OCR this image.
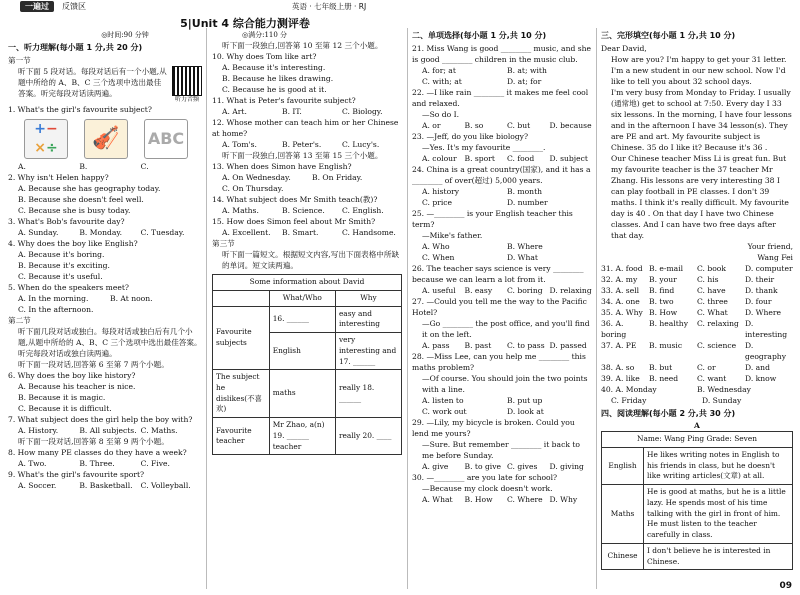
一遍过	反馈区	英语 · 七年级上册 · RJ
5|Unit 4 综合能力测评卷
◎时间:90 分钟
一、听力理解(每小题 1 分,共 20 分)
第一节
听下面 5 段对话。每段对话后有一个小题,从题中所给的 A、B、C 三个选项中选出最佳答案。听完每段对话读两遍。
听力音频
1. What's the girl's favourite subject?
+−
×÷	🎻	ABC
A.	B.	C.
2. Why isn't Helen happy?
A. Because she has geography today.
B. Because she doesn't feel well.
C. Because she is busy today.
3. What's Bob's favourite day?
A. Sunday.	B. Monday.	C. Tuesday.
4. Why does the boy like English?
A. Because it's boring.
B. Because it's exciting.
C. Because it's useful.
5. When do the speakers meet?
A. In the morning.	B. At noon.
C. In the afternoon.
第二节
听下面几段对话或独白。每段对话或独白后有几个小题,从题中所给的 A、B、C 三个选项中选出最佳答案。听完每段对话或独白读两遍。
听下面一段对话,回答第 6 至第 7 两个小题。
6. Why does the boy like history?
A. Because his teacher is nice.
B. Because it is magic.
C. Because it is difficult.
7. What subject does the girl help the boy with?
A. History.	B. All subjects. C. Maths.
听下面一段对话,回答第 8 至第 9 两个小题。
8. How many PE classes do they have a week?
A. Two.	B. Three.	C. Five.
9. What's the girl's favourite sport?
A. Soccer.	B. Basketball.	C. Volleyball.
◎满分:110 分
听下面一段独白,回答第 10 至第 12 三个小题。
10. Why does Tom like art?
A. Because it's interesting.
B. Because he likes drawing.
C. Because he is good at it.
11. What is Peter's favourite subject?
A. Art.	B. IT.	C. Biology.
12. Whose mother can teach him or her Chinese at home?
A. Tom's.	B. Peter's.	C. Lucy's.
听下面一段独白,回答第 13 至第 15 三个小题。
13. When does Simon have English?
A. On Wednesday.	B. On Friday.
C. On Thursday.
14. What subject does Mr Smith teach(教)?
A. Maths.	B. Science.	C. English.
15. How does Simon feel about Mr Smith?
A. Excellent.	B. Smart.	C. Handsome.
第三节
听下面一篇短文。根据短文内容,写出下面表格中所缺的单词。短文读两遍。
Some information about David		
	What/Who	Why
Favourite subjects	16. ______	easy and interesting
	English	very interesting and 17. ______
The subject he dislikes(不喜欢)	maths	really 18. ______
Favourite teacher	Mr Zhao, a(n) 19. ______ teacher	really 20. ____
二、单项选择(每小题 1 分,共 10 分)
21. Miss Wang is good ________ music, and she is good ________ children in the music club.
A. for; at	B. at; with
C. with; at	D. at; for
22. —I like rain ________ it makes me feel cool and relaxed.
—So do I.
A. or	B. so	C. but	D. because
23. —Jeff, do you like biology?
—Yes. It's my favourite ________.
A. colour	B. sport	C. food	D. subject
24. China is a great country(国家), and it has a ________ of over(超过) 5,000 years.
A. history	B. month
C. price	D. number
25. —________ is your English teacher this term?
—Mike's father.
A. Who	B. Where
C. When	D. What
26. The teacher says science is very ________ because we can learn a lot from it.
A. useful	B. easy	C. boring D. relaxing
27. —Could you tell me the way to the Pacific Hotel?
—Go ________ the post office, and you'll find it on the left.
A. pass	B. past	C. to pass D. passed
28. —Miss Lee, can you help me ________ this maths problem?
—Of course. You should join the two points with a line.
A. listen to	B. put up
C. work out	D. look at
29. —Lily, my bicycle is broken. Could you lend me yours?
—Sure. But remember ________ it back to me before Sunday.
A. give	B. to give C. gives	D. giving
30. —________ are you late for school?
—Because my clock doesn't work.
A. What	B. How	C. Where D. Why
三、完形填空(每小题 1 分,共 10 分)
Dear David,
How are you? I'm happy to get your 31 letter. I'm a new student in our new school. Now I'd like to tell you about 32 school days.
I'm very busy from Monday to Friday. I usually (通常地) get to school at 7:50. Every day I 33 six lessons. In the morning, I have four lessons and in the afternoon I have 34 lesson(s). They are PE and art. My favourite subject is Chinese. 35 do I like it? Because it's 36 .
Our Chinese teacher Miss Li is great fun. But my favourite teacher is the 37 teacher Mr Zhang. His lessons are very interesting 38 I can play football in PE classes. I don't 39 maths. I think it's really difficult. My favourite day is 40 . On that day I have two Chinese classes. And I can have two free days after that day.
Your friend,
Wang Fei
31. A. food B. e-mail	C. book	D. computer
32. A. my	B. your	C. his	D. their
33. A. sell	B. find	C. have	D. thank
34. A. one	B. two	C. three	D. four
35. A. Why B. How	C. What	D. Where
36. A. boring
B. healthy	C. relaxing D. interesting
37. A. PE	B. music	C. science	D. geography
38. A. so	B. but	C. or	D. and
39. A. like	B. need	C. want	D. know
40. A. Monday	B. Wednesday
C. Friday	D. Sunday
四、阅读理解(每小题 2 分,共 30 分)
A
Name: Wang Ping Grade: Seven	
English	He likes writing notes in English to his friends in class, but he doesn't like writing articles(文章) at all.
Maths	He is good at maths, but he is a little lazy. He spends most of his time talking with the girl in front of him. He must listen to the teacher carefully in class.
Chinese	I don't believe he is interested in Chinese.
09
